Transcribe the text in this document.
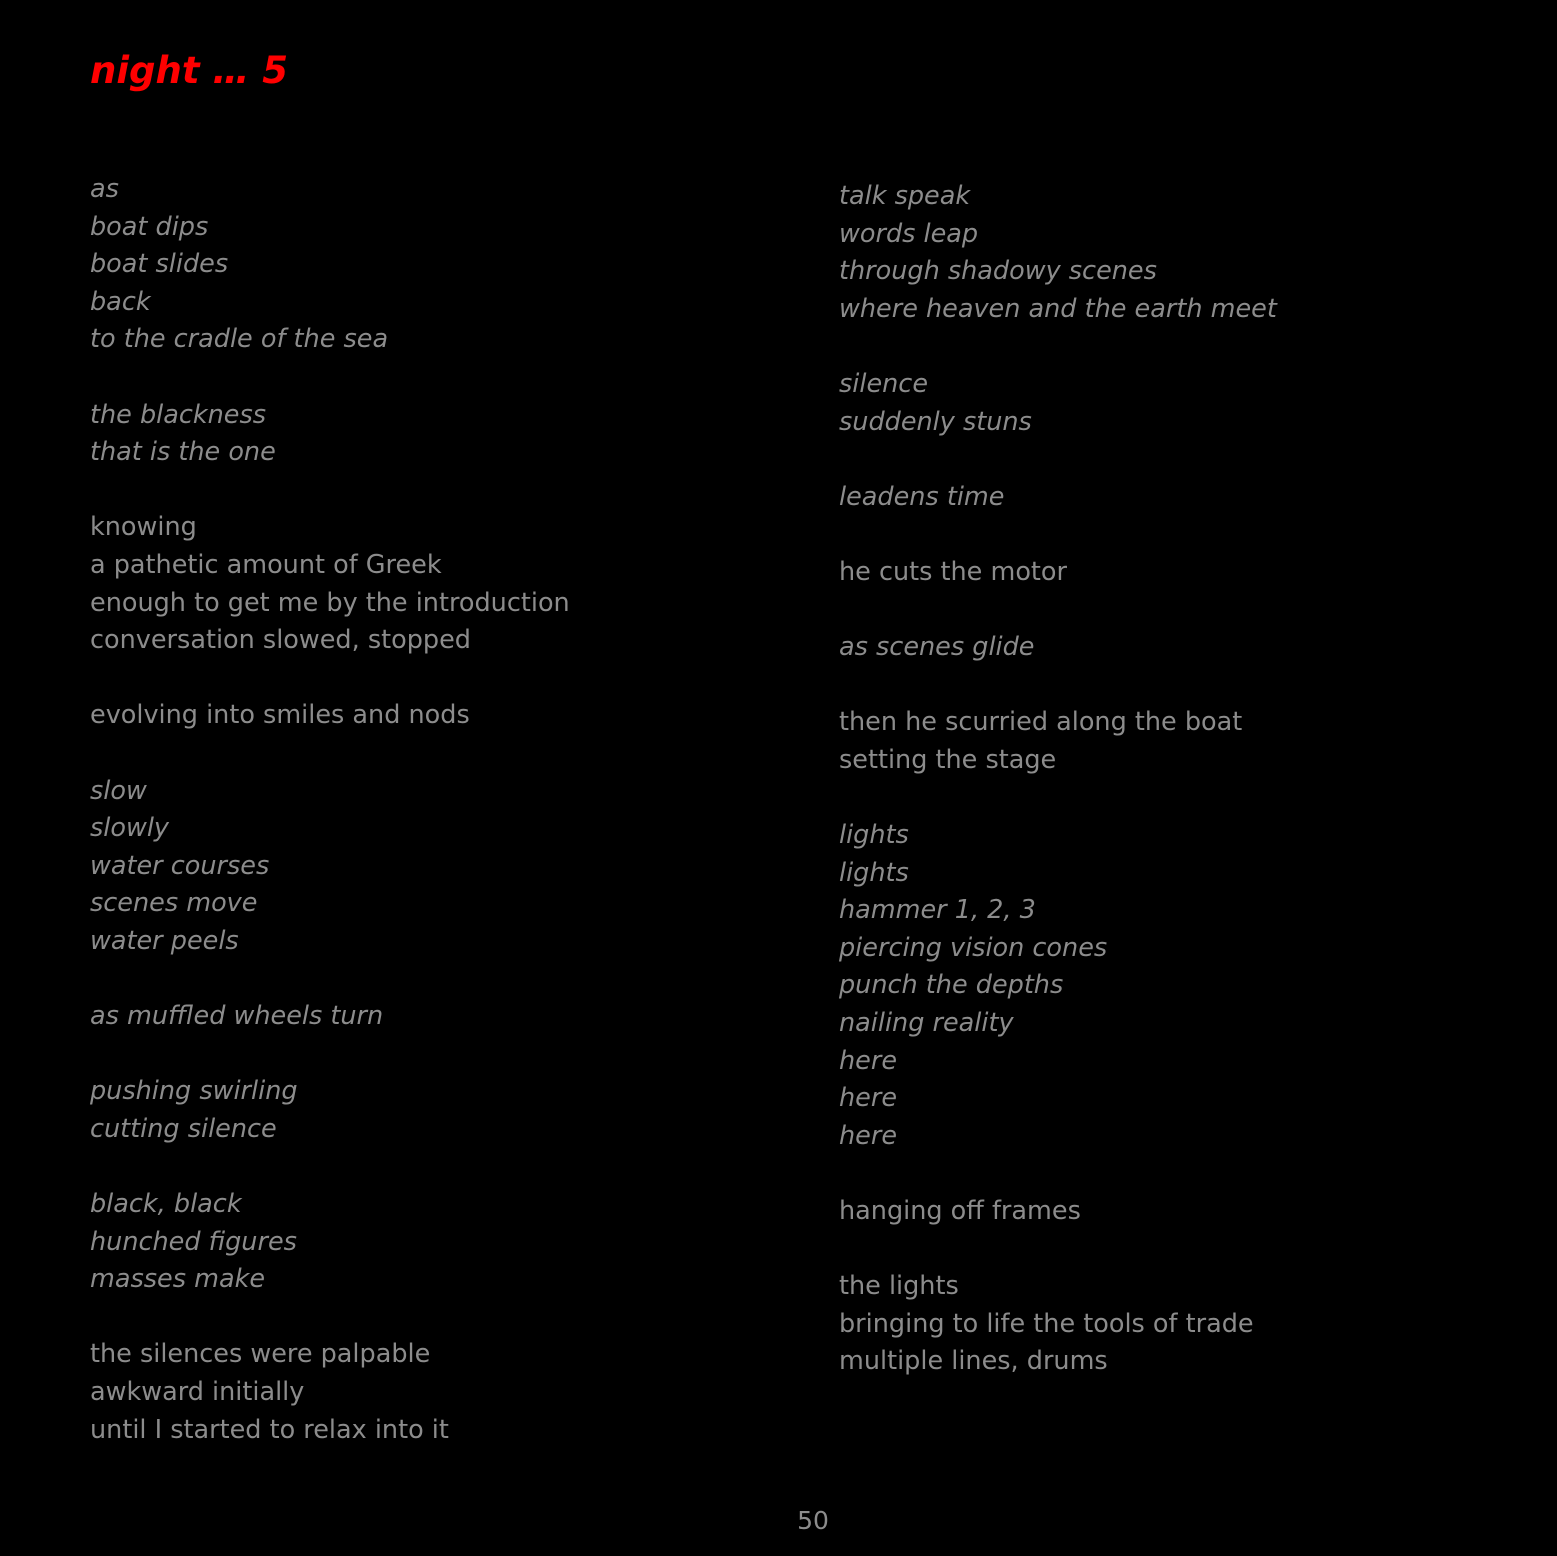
night … 5
as
boat dips
boat slides
back
to the cradle of the sea
the blackness
that is the one
knowing
a pathetic amount of Greek
enough to get me by the introduction
conversation slowed, stopped
evolving into smiles and nods
slow
slowly
water courses
scenes move
water peels
as muffled wheels turn
pushing swirling
cutting silence
black, black
hunched figures
masses make
the silences were palpable
awkward initially
until I started to relax into it
talk speak
words leap
through shadowy scenes
where heaven and the earth meet
silence
suddenly stuns
leadens time
he cuts the motor
as scenes glide
then he scurried along the boat
setting the stage
lights
lights
hammer 1, 2, 3
piercing vision cones
punch the depths
nailing reality
here
here
here
hanging off frames
the lights
bringing to life the tools of trade
multiple lines, drums
50
